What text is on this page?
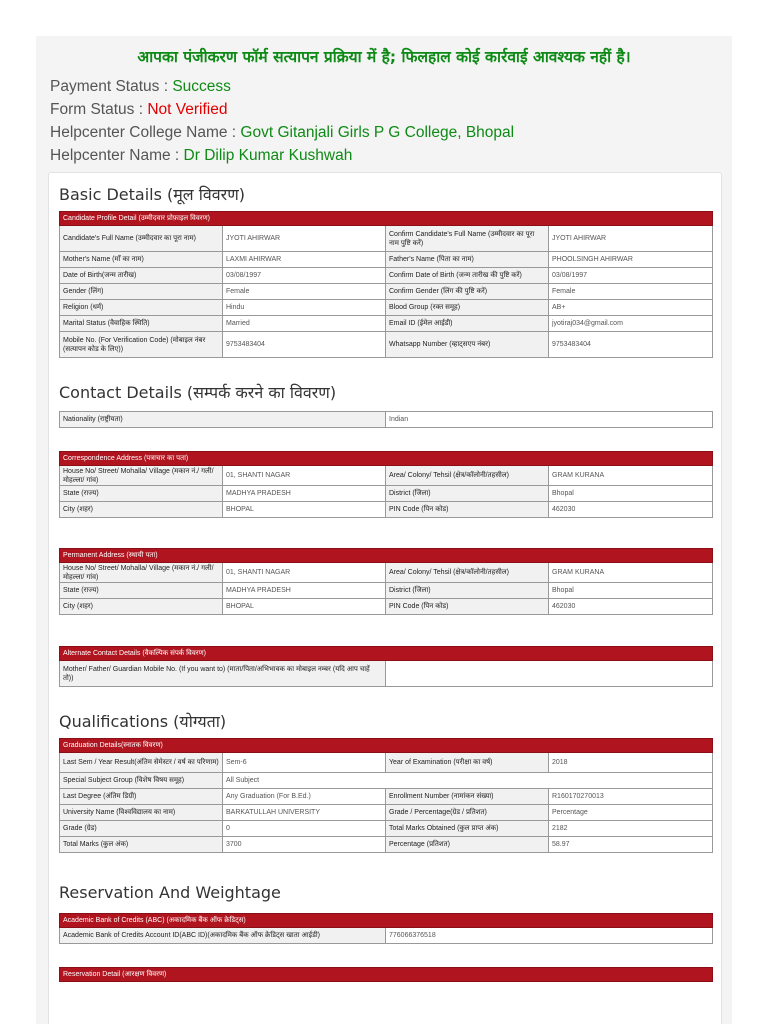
आपका पंजीकरण फॉर्म सत्यापन प्रक्रिया में है; फिलहाल कोई कार्रवाई आवश्यक नहीं है।
Payment Status : Success
Form Status : Not Verified
Helpcenter College Name : Govt Gitanjali Girls P G College, Bhopal
Helpcenter Name : Dr Dilip Kumar Kushwah
Basic Details (मूल विवरण)
Candidate Profile Detail (उम्मीदवार प्रोफ़ाइल विवरण)			
Candidate's Full Name (उम्मीदवार का पूरा नाम)	JYOTI AHIRWAR	Confirm Candidate's Full Name (उम्मीदवार का पूरा नाम पुष्टि करें)	JYOTI AHIRWAR
Mother's Name (माँ का नाम)	LAXMI AHIRWAR	Father's Name (पिता का नाम)	PHOOLSINGH AHIRWAR
Date of Birth(जन्म तारीख)	03/08/1997	Confirm Date of Birth (जन्म तारीख की पुष्टि करें)	03/08/1997
Gender (लिंग)	Female	Confirm Gender (लिंग की पुष्टि करें)	Female
Religion (धर्म)	Hindu	Blood Group (रक्त समूह)	AB+
Marital Status (वैवाहिक स्थिति)	Married	Email ID (ईमेल आईडी)	jyotiraj034@gmail.com
Mobile No. (For Verification Code) (मोबाइल नंबर (सत्यापन कोड के लिए))	9753483404	Whatsapp Number (व्हाट्सएप नंबर)	9753483404
Contact Details (सम्पर्क करने का विवरण)
Nationality (राष्ट्रीयता)	Indian
Correspondence Address (पत्राचार का पता)			
House No/ Street/ Mohalla/ Village (मकान नं./ गली/ मोहल्ला/ गांव)	01, SHANTI NAGAR	Area/ Colony/ Tehsil (क्षेत्र/कॉलोनी/तहसील)	GRAM KURANA
State (राज्य)	MADHYA PRADESH	District (जिला)	Bhopal
City (शहर)	BHOPAL	PIN Code (पिन कोड)	462030
Permanent Address (स्थायी पता)			
House No/ Street/ Mohalla/ Village (मकान नं./ गली/ मोहल्ला/ गांव)	01, SHANTI NAGAR	Area/ Colony/ Tehsil (क्षेत्र/कॉलोनी/तहसील)	GRAM KURANA
State (राज्य)	MADHYA PRADESH	District (जिला)	Bhopal
City (शहर)	BHOPAL	PIN Code (पिन कोड)	462030
Alternate Contact Details (वैकल्पिक संपर्क विवरण)
Mother/ Father/ Guardian Mobile No. (If you want to) (माता/पिता/अभिभावक का मोबाइल नम्बर (यदि आप चाहें तो))	
Qualifications (योग्यता)
Graduation Details(स्नातक विवरण)			
Last Sem / Year Result(अंतिम सेमेस्टर / वर्ष का परिणाम)	Sem-6	Year of Examination (परीक्षा का वर्ष)	2018
Special Subject Group (विशेष विषय समूह)	All Subject		
Last Degree (अंतिम डिग्री)	Any Graduation (For B.Ed.)	Enrollment Number (नामांकन संख्या)	R160170270013
University Name (विश्वविद्यालय का नाम)	BARKATULLAH UNIVERSITY	Grade / Percentage(ग्रेड / प्रतिशत)	Percentage
Grade (ग्रेड)	0	Total Marks Obtained (कुल प्राप्त अंक)	2182
Total Marks (कुल अंक)	3700	Percentage (प्रतिशत)	58.97
Reservation And Weightage
Academic Bank of Credits (ABC) (अकादमिक बैंक ऑफ क्रेडिट्स)
Academic Bank of Credits Account ID(ABC ID)(अकादमिक बैंक ऑफ क्रेडिट्स खाता आईडी)	776066376518
Reservation Detail (आरक्षण विवरण)
